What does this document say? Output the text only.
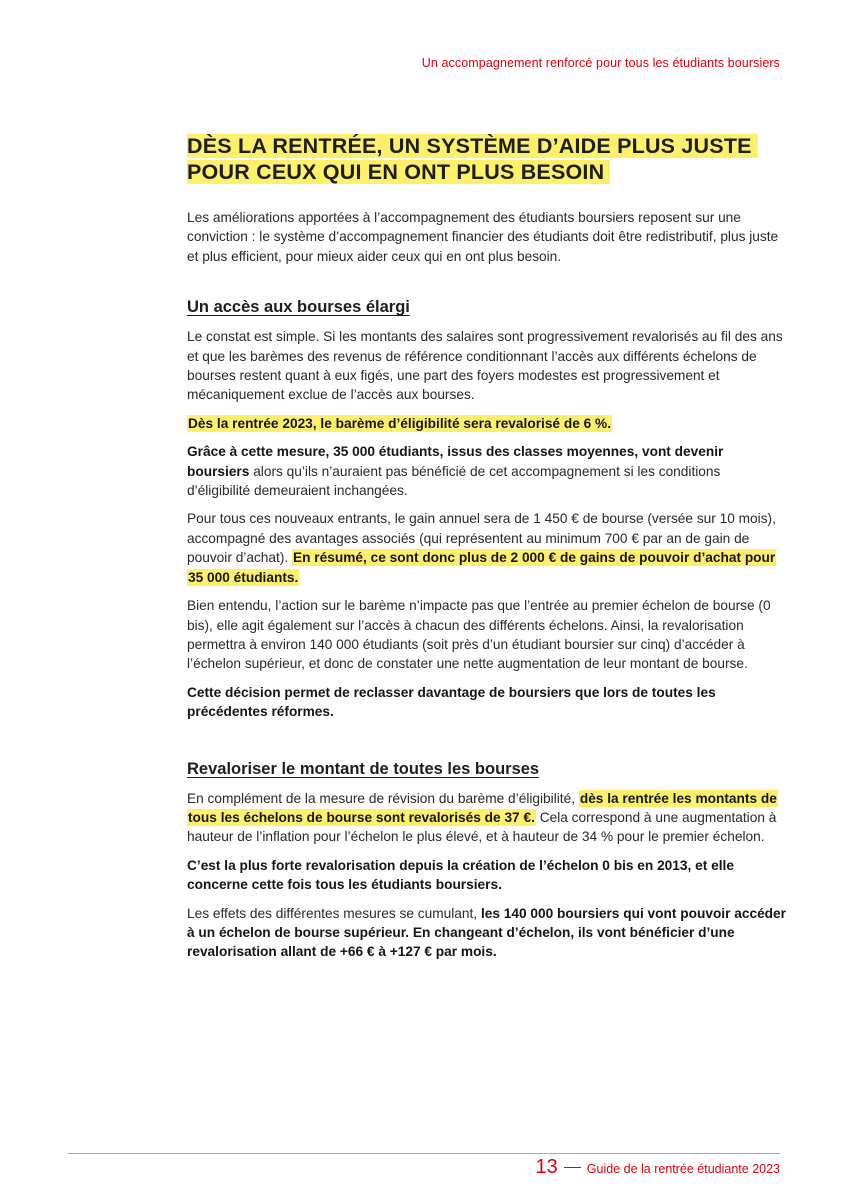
Un accompagnement renforcé pour tous les étudiants boursiers
DÈS LA RENTRÉE, UN SYSTÈME D’AIDE PLUS JUSTE
POUR CEUX QUI EN ONT PLUS BESOIN

Les améliorations apportées à l’accompagnement des étudiants boursiers reposent sur une conviction : le système d’accompagnement financier des étudiants doit être redistributif, plus juste et plus efficient, pour mieux aider ceux qui en ont plus besoin.

Un accès aux bourses élargi

Le constat est simple. Si les montants des salaires sont progressivement revalorisés au fil des ans et que les barèmes des revenus de référence conditionnant l’accès aux différents échelons de bourses restent quant à eux figés, une part des foyers modestes est progressivement et mécaniquement exclue de l’accès aux bourses.

Dès la rentrée 2023, le barème d’éligibilité sera revalorisé de 6 %.

Grâce à cette mesure, 35 000 étudiants, issus des classes moyennes, vont devenir boursiers alors qu’ils n’auraient pas bénéficié de cet accompagnement si les conditions d’éligibilité demeuraient inchangées.

Pour tous ces nouveaux entrants, le gain annuel sera de 1 450 € de bourse (versée sur 10 mois), accompagné des avantages associés (qui représentent au minimum 700 € par an de gain de pouvoir d’achat). En résumé, ce sont donc plus de 2 000 € de gains de pouvoir d’achat pour 35 000 étudiants.

Bien entendu, l’action sur le barème n’impacte pas que l’entrée au premier échelon de bourse (0 bis), elle agit également sur l’accès à chacun des différents échelons. Ainsi, la revalorisation permettra à environ 140 000 étudiants (soit près d’un étudiant boursier sur cinq) d’accéder à l’échelon supérieur, et donc de constater une nette augmentation de leur montant de bourse.

Cette décision permet de reclasser davantage de boursiers que lors de toutes les précédentes réformes.

Revaloriser le montant de toutes les bourses

En complément de la mesure de révision du barème d’éligibilité, dès la rentrée les montants de tous les échelons de bourse sont revalorisés de 37 €. Cela correspond à une augmentation à hauteur de l’inflation pour l’échelon le plus élevé, et à hauteur de 34 % pour le premier échelon.

C’est la plus forte revalorisation depuis la création de l’échelon 0 bis en 2013, et elle concerne cette fois tous les étudiants boursiers.

Les effets des différentes mesures se cumulant, les 140 000 boursiers qui vont pouvoir accéder à un échelon de bourse supérieur. En changeant d’échelon, ils vont bénéficier d’une revalorisation allant de +66 € à +127 € par mois.

13 Guide de la rentrée étudiante 2023
